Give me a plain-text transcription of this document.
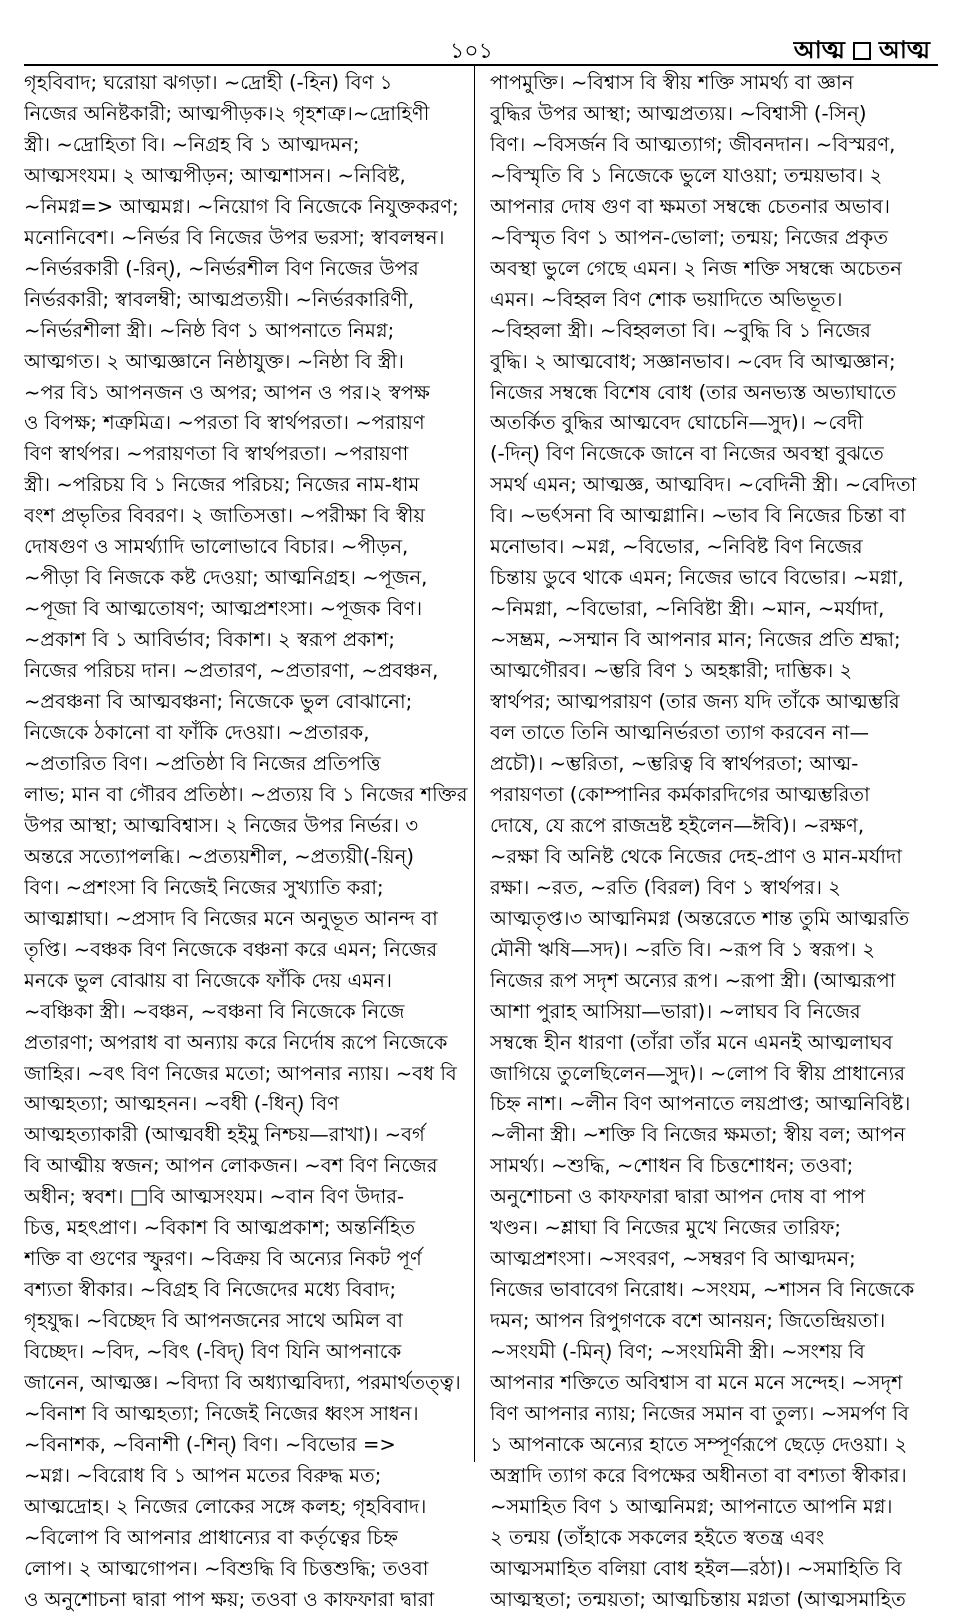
১০১	আত্ম আত্ম
গৃহবিবাদ; ঘরোয়া ঝগড়া। ~দ্রোহী (-হিন) বিণ ১
নিজের অনিষ্টকারী; আত্মপীড়ক।২ গৃহশত্রু।~দ্রোহিণী
স্ত্রী। ~দ্রোহিতা বি। ~নিগ্রহ বি ১ আত্মদমন;
আত্মসংযম। ২ আত্মপীড়ন; আত্মশাসন। ~নিবিষ্ট,
~নিমগ্ন=> আত্মমগ্ন। ~নিয়োগ বি নিজেকে নিযুক্তকরণ;
মনোনিবেশ। ~নির্ভর বি নিজের উপর ভরসা; স্বাবলম্বন।
~নির্ভরকারী (-রিন্), ~নির্ভরশীল বিণ নিজের উপর
নির্ভরকারী; স্বাবলম্বী; আত্মপ্রত্যয়ী। ~নির্ভরকারিণী,
~নির্ভরশীলা স্ত্রী। ~নিষ্ঠ বিণ ১ আপনাতে নিমগ্ন;
আত্মগত। ২ আত্মজ্ঞানে নিষ্ঠাযুক্ত। ~নিষ্ঠা বি স্ত্রী।
~পর বি১ আপনজন ও অপর; আপন ও পর।২ স্বপক্ষ
ও বিপক্ষ; শত্রুমিত্র। ~পরতা বি স্বার্থপরতা। ~পরায়ণ
বিণ স্বার্থপর। ~পরায়ণতা বি স্বার্থপরতা। ~পরায়ণা
স্ত্রী। ~পরিচয় বি ১ নিজের পরিচয়; নিজের নাম-ধাম
বংশ প্রভৃতির বিবরণ। ২ জাতিসত্তা। ~পরীক্ষা বি স্বীয়
দোষগুণ ও সামর্থ্যাদি ভালোভাবে বিচার। ~পীড়ন,
~পীড়া বি নিজকে কষ্ট দেওয়া; আত্মনিগ্রহ। ~পূজন,
~পূজা বি আত্মতোষণ; আত্মপ্রশংসা। ~পূজক বিণ।
~প্রকাশ বি ১ আবির্ভাব; বিকাশ। ২ স্বরূপ প্রকাশ;
নিজের পরিচয় দান। ~প্রতারণ, ~প্রতারণা, ~প্রবঞ্চন,
~প্রবঞ্চনা বি আত্মবঞ্চনা; নিজেকে ভুল বোঝানো;
নিজেকে ঠকানো বা ফাঁকি দেওয়া। ~প্রতারক,
~প্রতারিত বিণ। ~প্রতিষ্ঠা বি নিজের প্রতিপত্তি
লাভ; মান বা গৌরব প্রতিষ্ঠা। ~প্রত্যয় বি ১ নিজের শক্তির
উপর আস্থা; আত্মবিশ্বাস। ২ নিজের উপর নির্ভর। ৩
অন্তরে সত্যোপলব্ধি। ~প্রত্যয়শীল, ~প্রত্যয়ী(-য়িন্)
বিণ। ~প্রশংসা বি নিজেই নিজের সুখ্যাতি করা;
আত্মশ্লাঘা। ~প্রসাদ বি নিজের মনে অনুভূত আনন্দ বা
তৃপ্তি। ~বঞ্চক বিণ নিজেকে বঞ্চনা করে এমন; নিজের
মনকে ভুল বোঝায় বা নিজেকে ফাঁকি দেয় এমন।
~বঞ্চিকা স্ত্রী। ~বঞ্চন, ~বঞ্চনা বি নিজেকে নিজে
প্রতারণা; অপরাধ বা অন্যায় করে নির্দোষ রূপে নিজেকে
জাহির। ~বৎ বিণ নিজের মতো; আপনার ন্যায়। ~বধ বি
আত্মহত্যা; আত্মহনন। ~বধী (-ধিন্) বিণ
আত্মহত্যাকারী (আত্মবধী হইমু নিশ্চয়—রাখা)। ~বর্গ
বি আত্মীয় স্বজন; আপন লোকজন। ~বশ বিণ নিজের
অধীন; স্ববশ। □বি আত্মসংযম। ~বান বিণ উদার-
চিত্ত, মহৎপ্রাণ। ~বিকাশ বি আত্মপ্রকাশ; অন্তর্নিহিত
শক্তি বা গুণের স্ফুরণ। ~বিক্রয় বি অন্যের নিকট পূর্ণ
বশ্যতা স্বীকার। ~বিগ্রহ বি নিজেদের মধ্যে বিবাদ;
গৃহযুদ্ধ। ~বিচ্ছেদ বি আপনজনের সাথে অমিল বা
বিচ্ছেদ। ~বিদ, ~বিৎ (-বিদ্) বিণ যিনি আপনাকে
জানেন, আত্মজ্ঞ। ~বিদ্যা বি অধ্যাত্মবিদ্যা, পরমার্থতত্ত্ব।
~বিনাশ বি আত্মহত্যা; নিজেই নিজের ধ্বংস সাধন।
~বিনাশক, ~বিনাশী (-শিন্) বিণ। ~বিভোর =>
~মগ্ন। ~বিরোধ বি ১ আপন মতের বিরুদ্ধ মত;
আত্মদ্রোহ। ২ নিজের লোকের সঙ্গে কলহ; গৃহবিবাদ।
~বিলোপ বি আপনার প্রাধান্যের বা কর্তৃত্বের চিহ্ন
লোপ। ২ আত্মগোপন। ~বিশুদ্ধি বি চিত্তশুদ্ধি; তওবা
ও অনুশোচনা দ্বারা পাপ ক্ষয়; তওবা ও কাফফারা দ্বারা
পাপমুক্তি। ~বিশ্বাস বি স্বীয় শক্তি সামর্থ্য বা জ্ঞান
বুদ্ধির উপর আস্থা; আত্মপ্রত্যয়। ~বিশ্বাসী (-সিন্)
বিণ। ~বিসর্জন বি আত্মত্যাগ; জীবনদান। ~বিস্মরণ,
~বিস্মৃতি বি ১ নিজেকে ভুলে যাওয়া; তন্ময়ভাব। ২
আপনার দোষ গুণ বা ক্ষমতা সম্বন্ধে চেতনার অভাব।
~বিস্মৃত বিণ ১ আপন-ভোলা; তন্ময়; নিজের প্রকৃত
অবস্থা ভুলে গেছে এমন। ২ নিজ শক্তি সম্বন্ধে অচেতন
এমন। ~বিহ্বল বিণ শোক ভয়াদিতে অভিভূত।
~বিহ্বলা স্ত্রী। ~বিহ্বলতা বি। ~বুদ্ধি বি ১ নিজের
বুদ্ধি। ২ আত্মবোধ; সজ্ঞানভাব। ~বেদ বি আত্মজ্ঞান;
নিজের সম্বন্ধে বিশেষ বোধ (তার অনভ্যস্ত অভ্যাঘাতে
অতর্কিত বুদ্ধির আত্মবেদ ঘোচেনি—সুদ)। ~বেদী
(-দিন্) বিণ নিজেকে জানে বা নিজের অবস্থা বুঝতে
সমর্থ এমন; আত্মজ্ঞ, আত্মবিদ। ~বেদিনী স্ত্রী। ~বেদিতা
বি। ~ভর্ৎসনা বি আত্মগ্লানি। ~ভাব বি নিজের চিন্তা বা
মনোভাব। ~মগ্ন, ~বিভোর, ~নিবিষ্ট বিণ নিজের
চিন্তায় ডুবে থাকে এমন; নিজের ভাবে বিভোর। ~মগ্না,
~নিমগ্না, ~বিভোরা, ~নিবিষ্টা স্ত্রী। ~মান, ~মর্যাদা,
~সম্ভ্রম, ~সম্মান বি আপনার মান; নিজের প্রতি শ্রদ্ধা;
আত্মগৌরব। ~ম্ভরি বিণ ১ অহঙ্কারী; দাম্ভিক। ২
স্বার্থপর; আত্মপরায়ণ (তার জন্য যদি তাঁকে আত্মম্ভরি
বল তাতে তিনি আত্মনির্ভরতা ত্যাগ করবেন না—
প্রচৌ)। ~ম্ভরিতা, ~ম্ভরিত্ব বি স্বার্থপরতা; আত্ম-
পরায়ণতা (কোম্পানির কর্মকারদিগের আত্মম্ভরিতা
দোষে, যে রূপে রাজভ্রষ্ট হইলেন—ঈবি)। ~রক্ষণ,
~রক্ষা বি অনিষ্ট থেকে নিজের দেহ-প্রাণ ও মান-মর্যাদা
রক্ষা। ~রত, ~রতি (বিরল) বিণ ১ স্বার্থপর। ২
আত্মতৃপ্ত।৩ আত্মনিমগ্ন (অন্তরেতে শান্ত তুমি আত্মরতি
মৌনী ঋষি—সদ)। ~রতি বি। ~রূপ বি ১ স্বরূপ। ২
নিজের রূপ সদৃশ অন্যের রূপ। ~রূপা স্ত্রী। (আত্মরূপা
আশা পুরাহ আসিয়া—ভারা)। ~লাঘব বি নিজের
সম্বন্ধে হীন ধারণা (তাঁরা তাঁর মনে এমনই আত্মলাঘব
জাগিয়ে তুলেছিলেন—সুদ)। ~লোপ বি স্বীয় প্রাধান্যের
চিহ্ন নাশ। ~লীন বিণ আপনাতে লয়প্রাপ্ত; আত্মনিবিষ্ট।
~লীনা স্ত্রী। ~শক্তি বি নিজের ক্ষমতা; স্বীয় বল; আপন
সামর্থ্য। ~শুদ্ধি, ~শোধন বি চিত্তশোধন; তওবা;
অনুশোচনা ও কাফফারা দ্বারা আপন দোষ বা পাপ
খণ্ডন। ~শ্লাঘা বি নিজের মুখে নিজের তারিফ;
আত্মপ্রশংসা। ~সংবরণ, ~সম্বরণ বি আত্মদমন;
নিজের ভাবাবেগ নিরোধ। ~সংযম, ~শাসন বি নিজেকে
দমন; আপন রিপুগণকে বশে আনয়ন; জিতেন্দ্রিয়তা।
~সংযমী (-মিন্) বিণ; ~সংযমিনী স্ত্রী। ~সংশয় বি
আপনার শক্তিতে অবিশ্বাস বা মনে মনে সন্দেহ। ~সদৃশ
বিণ আপনার ন্যায়; নিজের সমান বা তুল্য। ~সমর্পণ বি
১ আপনাকে অন্যের হাতে সম্পূর্ণরূপে ছেড়ে দেওয়া। ২
অস্ত্রাদি ত্যাগ করে বিপক্ষের অধীনতা বা বশ্যতা স্বীকার।
~সমাহিত বিণ ১ আত্মনিমগ্ন; আপনাতে আপনি মগ্ন।
২ তন্ময় (তাঁহাকে সকলের হইতে স্বতন্ত্র এবং
আত্মসমাহিত বলিয়া বোধ হইল—রঠা)। ~সমাহিতি বি
আত্মস্থতা; তন্ময়তা; আত্মচিন্তায় মগ্নতা (আত্মসমাহিত
